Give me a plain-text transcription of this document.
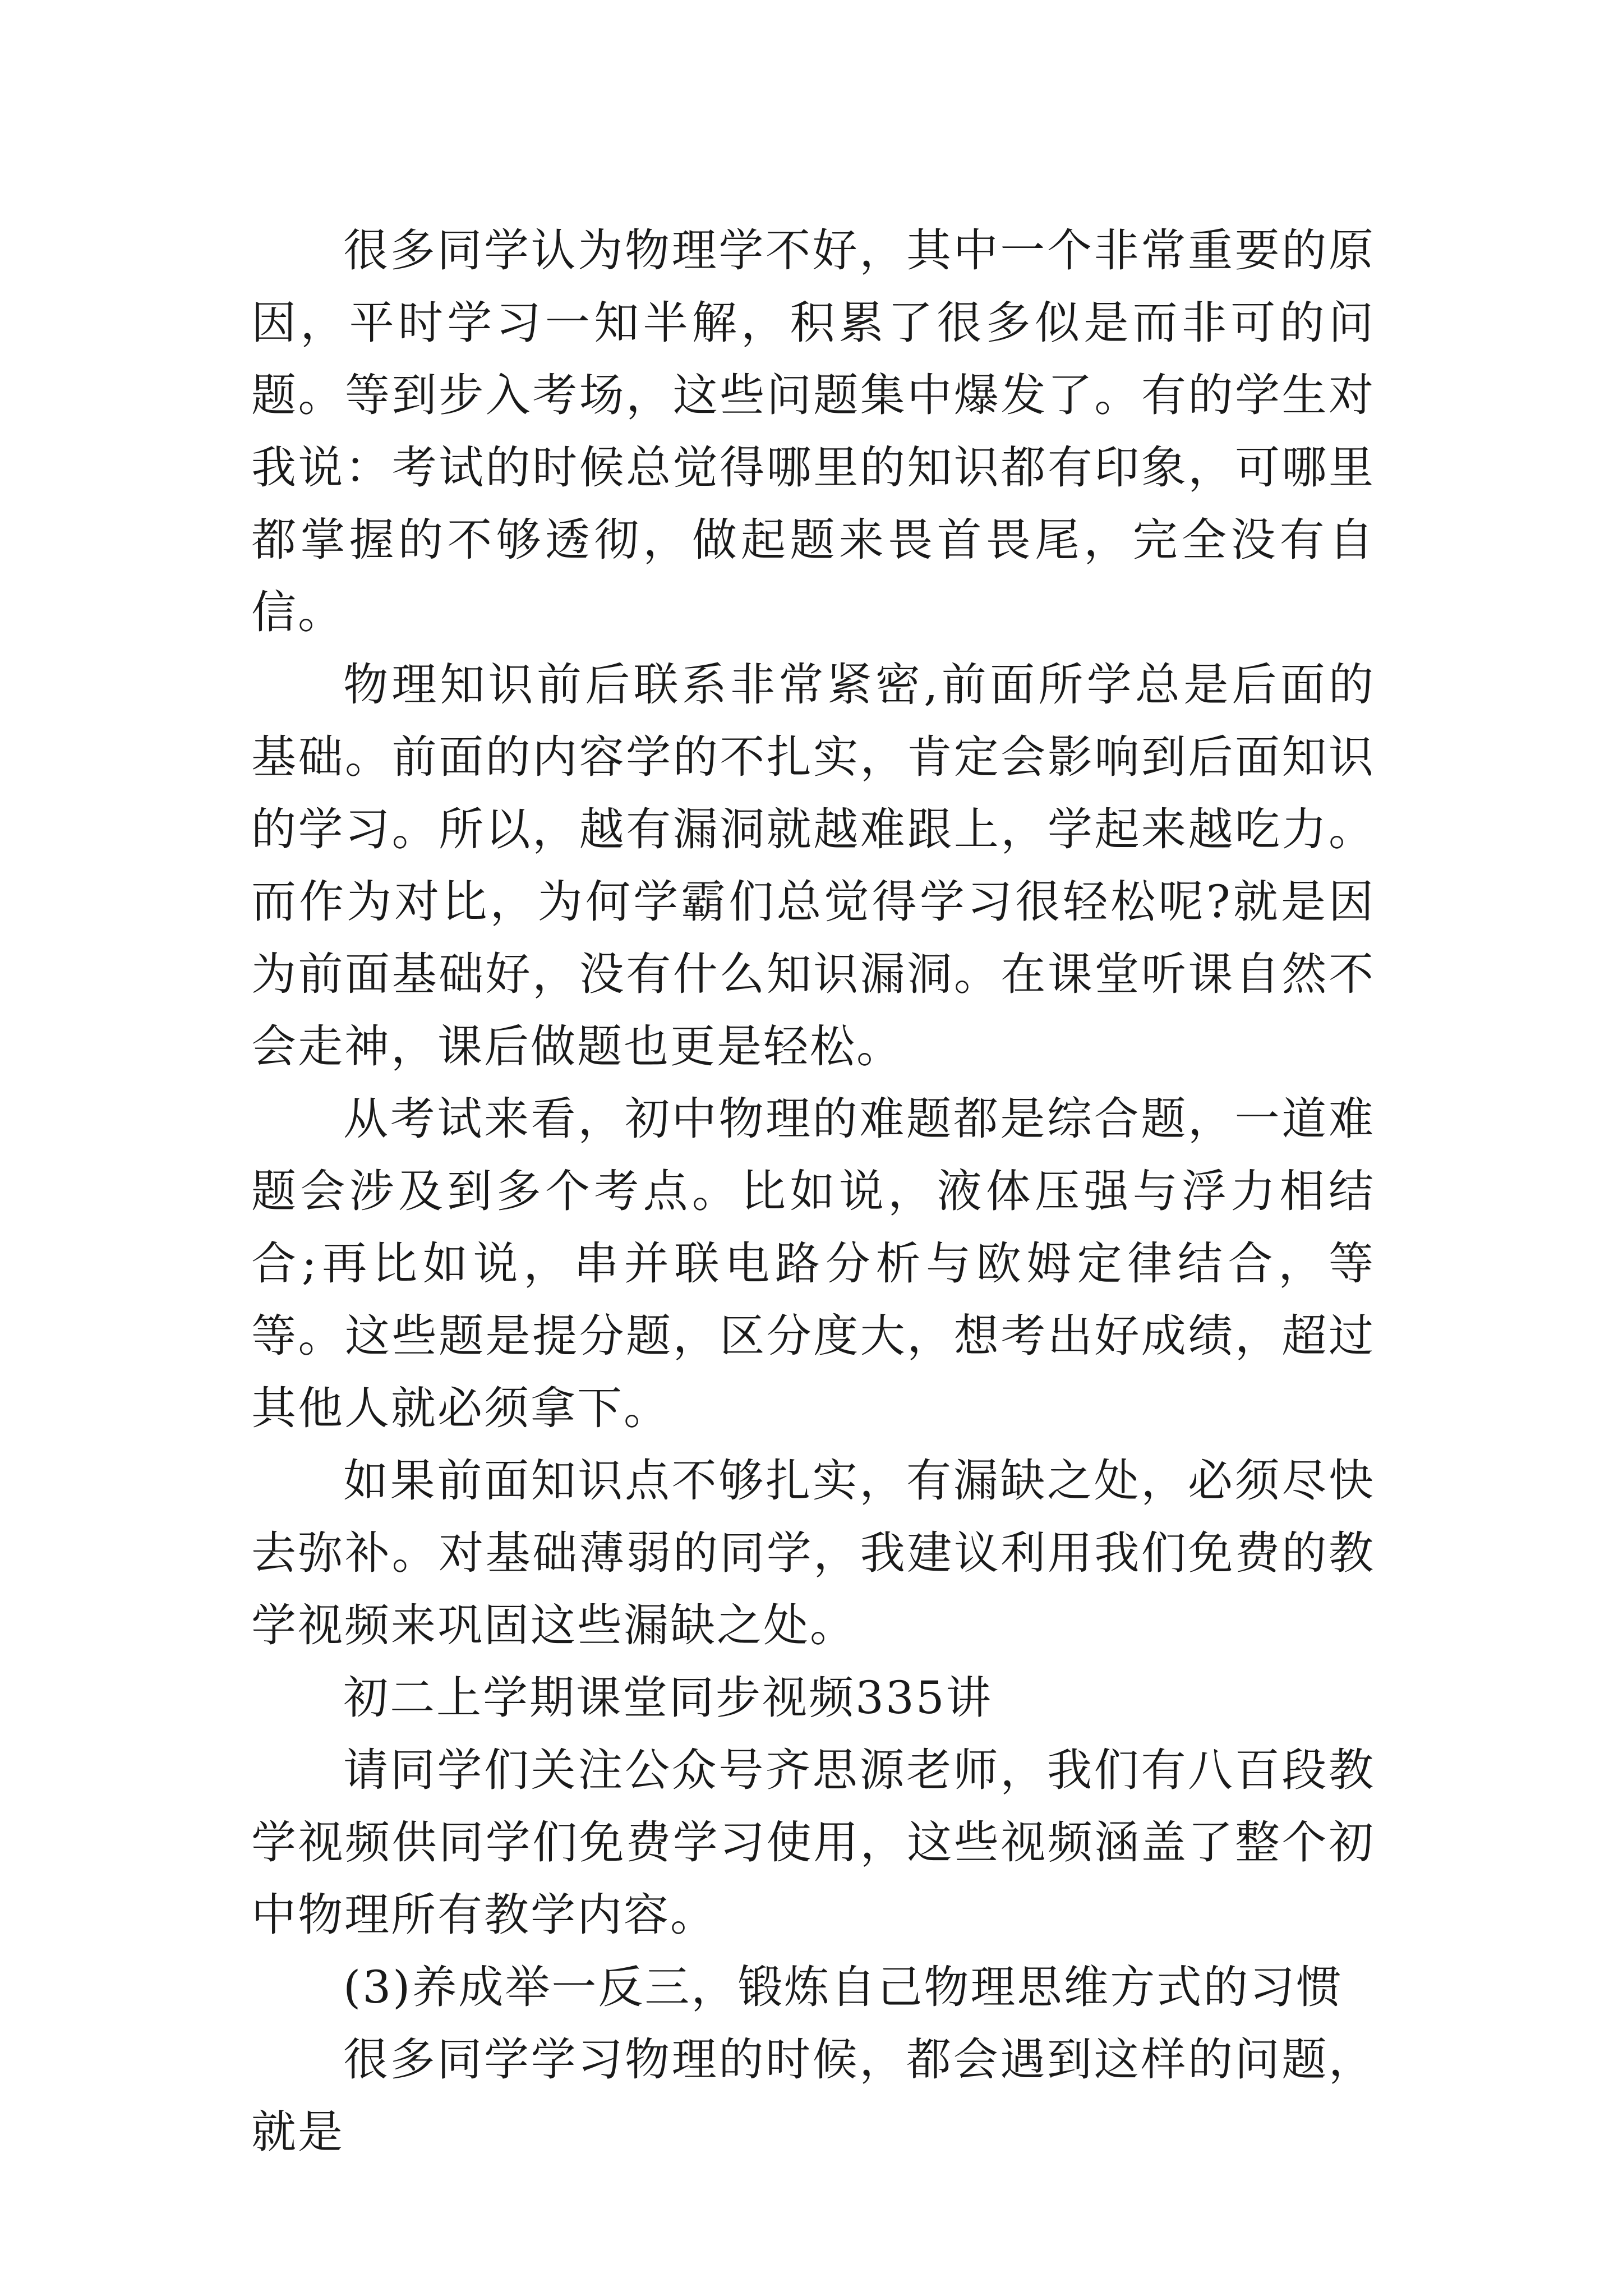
很多同学认为物理学不好，其中一个非常重要的原因，平时学习一知半解，积累了很多似是而非可的问题。等到步入考场，这些问题集中爆发了。有的学生对我说：考试的时候总觉得哪里的知识都有印象，可哪里都掌握的不够透彻，做起题来畏首畏尾，完全没有自信。

物理知识前后联系非常紧密,前面所学总是后面的基础。前面的内容学的不扎实，肯定会影响到后面知识的学习。所以，越有漏洞就越难跟上，学起来越吃力。而作为对比，为何学霸们总觉得学习很轻松呢?就是因为前面基础好，没有什么知识漏洞。在课堂听课自然不会走神，课后做题也更是轻松。

从考试来看，初中物理的难题都是综合题，一道难题会涉及到多个考点。比如说，液体压强与浮力相结合;再比如说，串并联电路分析与欧姆定律结合，等等。这些题是提分题，区分度大，想考出好成绩，超过其他人就必须拿下。

如果前面知识点不够扎实，有漏缺之处，必须尽快去弥补。对基础薄弱的同学，我建议利用我们免费的教学视频来巩固这些漏缺之处。

初二上学期课堂同步视频335讲

请同学们关注公众号齐思源老师，我们有八百段教学视频供同学们免费学习使用，这些视频涵盖了整个初中物理所有教学内容。

(3)养成举一反三，锻炼自己物理思维方式的习惯

很多同学学习物理的时候，都会遇到这样的问题，就是
